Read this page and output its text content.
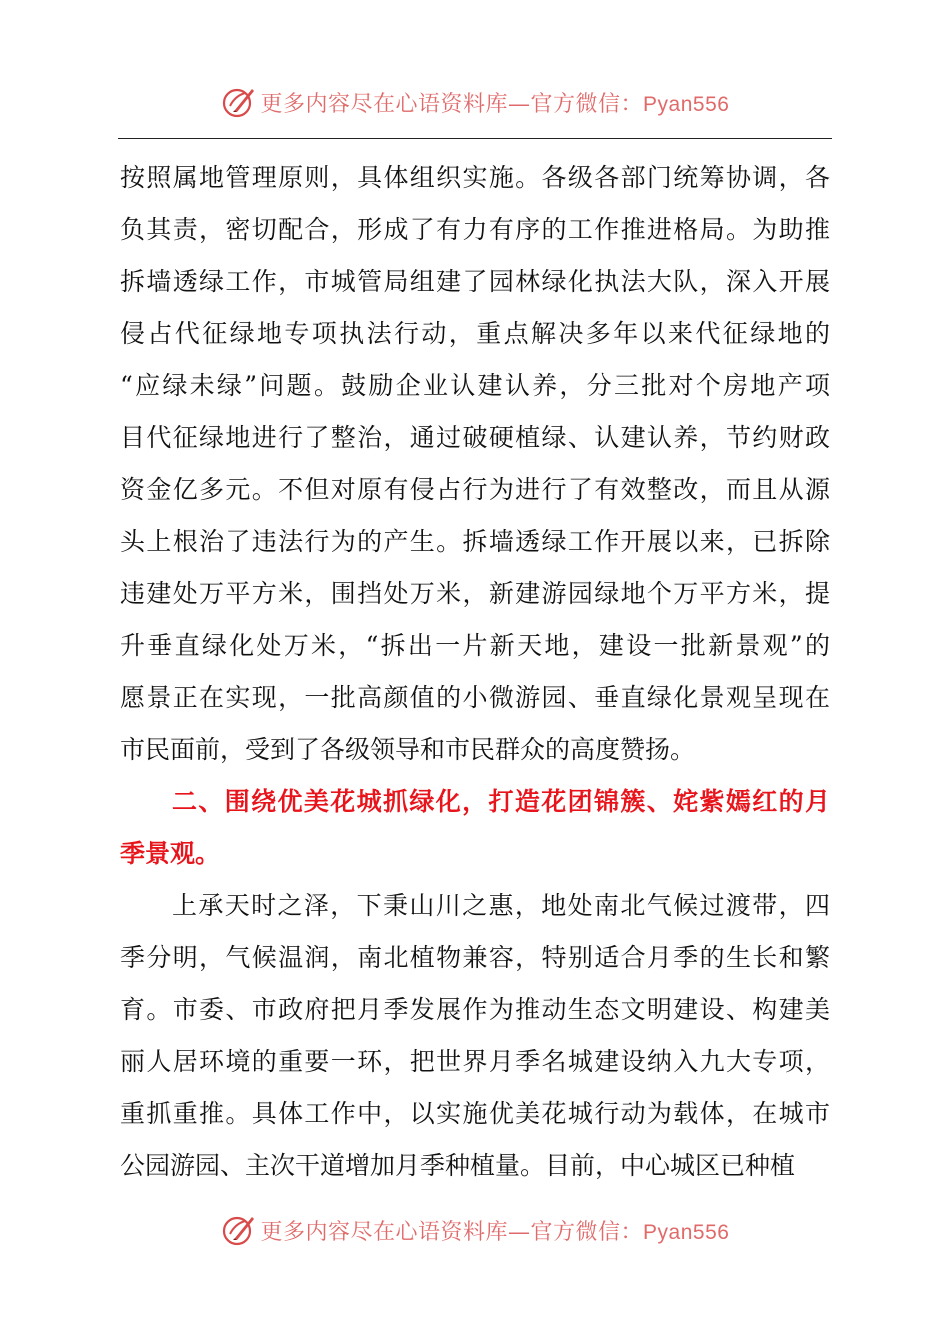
更多内容尽在心语资料库—官方微信：Pyan556
按照属地管理原则，具体组织实施。各级各部门统筹协调，各
负其责，密切配合，形成了有力有序的工作推进格局。为助推
拆墙透绿工作，市城管局组建了园林绿化执法大队，深入开展
侵占代征绿地专项执法行动，重点解决多年以来代征绿地的
“应绿未绿”问题。鼓励企业认建认养，分三批对个房地产项
目代征绿地进行了整治，通过破硬植绿、认建认养，节约财政
资金亿多元。不但对原有侵占行为进行了有效整改，而且从源
头上根治了违法行为的产生。拆墙透绿工作开展以来，已拆除
违建处万平方米，围挡处万米，新建游园绿地个万平方米，提
升垂直绿化处万米，“拆出一片新天地，建设一批新景观”的
愿景正在实现，一批高颜值的小微游园、垂直绿化景观呈现在
市民面前，受到了各级领导和市民群众的高度赞扬。
二、围绕优美花城抓绿化，打造花团锦簇、姹紫嫣红的月
季景观。
上承天时之泽，下秉山川之惠，地处南北气候过渡带，四
季分明，气候温润，南北植物兼容，特别适合月季的生长和繁
育。市委、市政府把月季发展作为推动生态文明建设、构建美
丽人居环境的重要一环，把世界月季名城建设纳入九大专项，
重抓重推。具体工作中，以实施优美花城行动为载体，在城市
公园游园、主次干道增加月季种植量。目前，中心城区已种植
更多内容尽在心语资料库—官方微信：Pyan556
